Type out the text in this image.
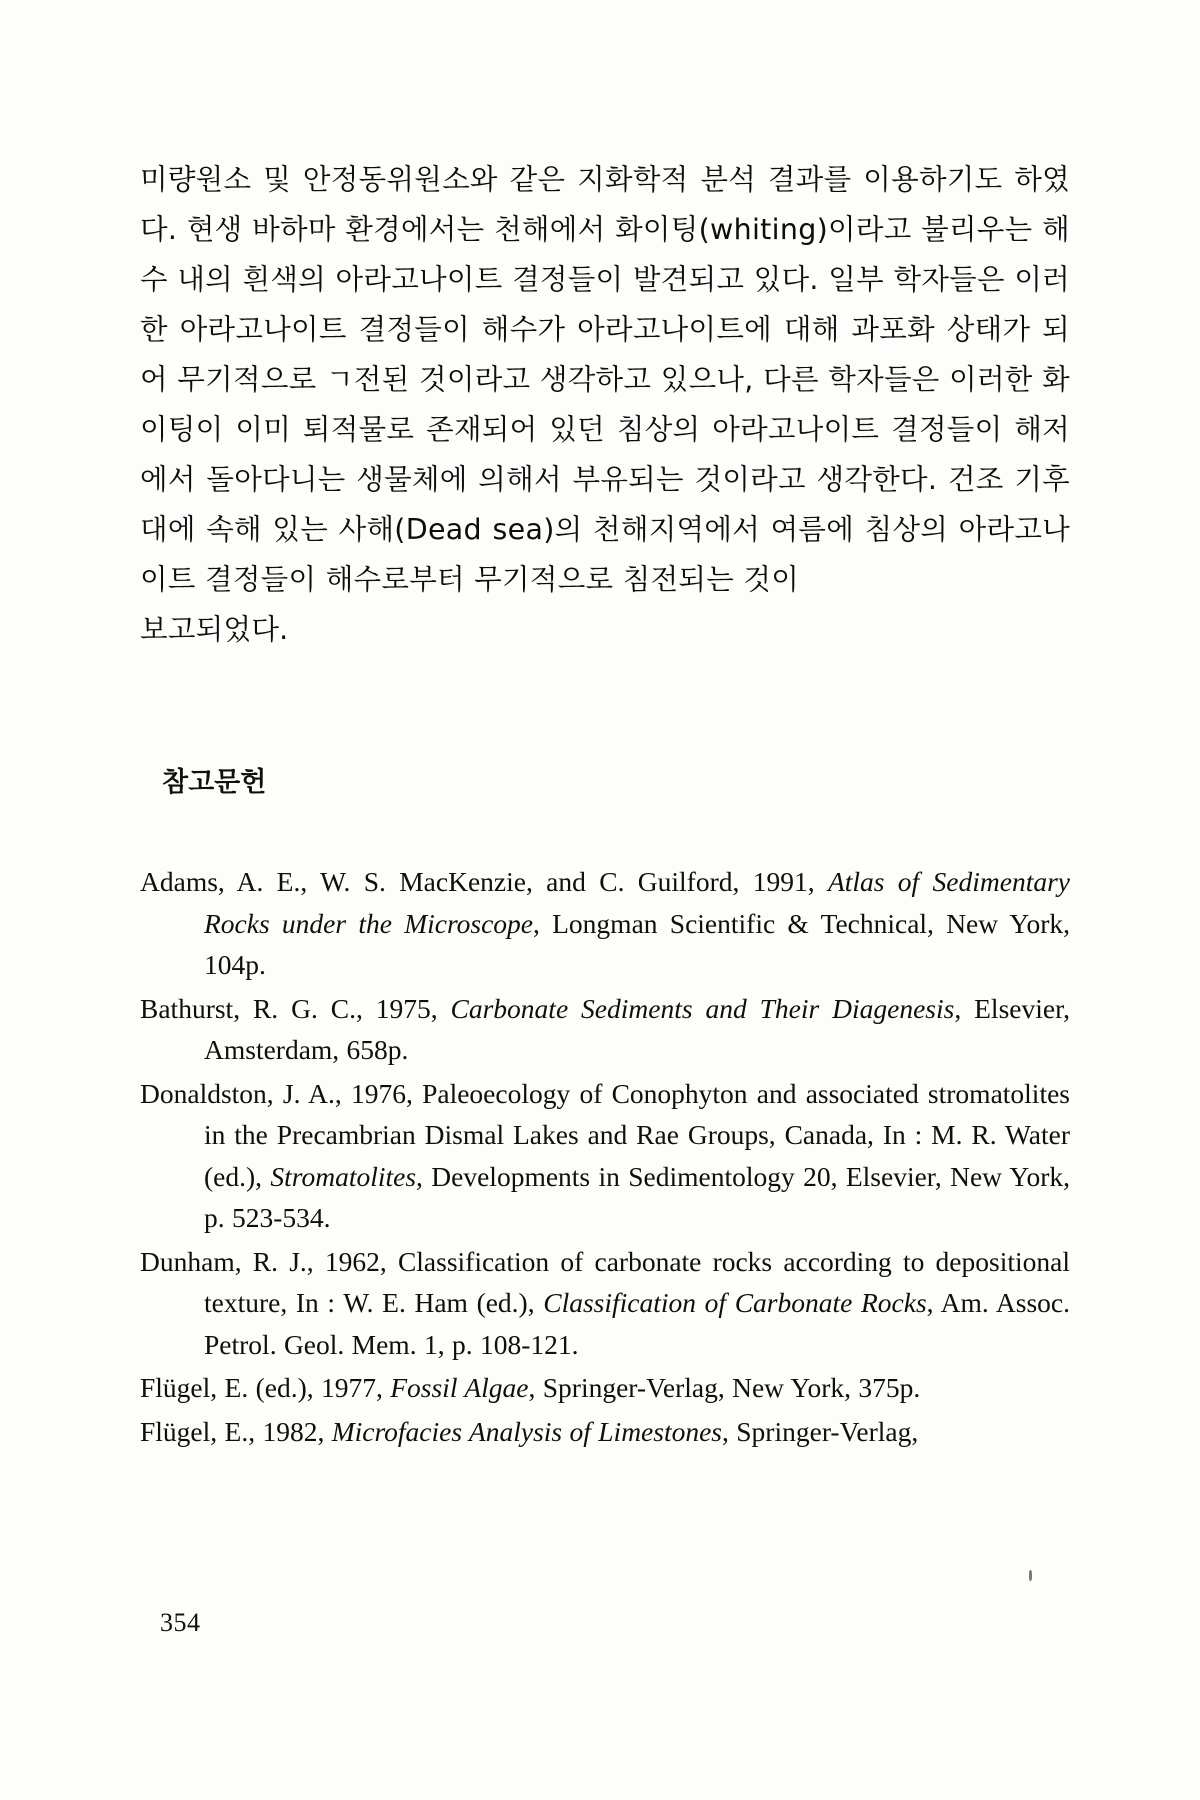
미량원소 및 안정동위원소와 같은 지화학적 분석 결과를 이용하기도 하였다. 현생 바하마 환경에서는 천해에서 화이팅(whiting)이라고 불리우는 해수 내의 흰색의 아라고나이트 결정들이 발견되고 있다. 일부 학자들은 이러한 아라고나이트 결정들이 해수가 아라고나이트에 대해 과포화 상태가 되어 무기적으로 ㄱ전된 것이라고 생각하고 있으나, 다른 학자들은 이러한 화이팅이 이미 퇴적물로 존재되어 있던 침상의 아라고나이트 결정들이 해저에서 돌아다니는 생물체에 의해서 부유되는 것이라고 생각한다. 건조 기후대에 속해 있는 사해(Dead sea)의 천해지역에서 여름에 침상의 아라고나이트 결정들이 해수로부터 무기적으로 침전되는 것이
보고되었다.

참고문헌

Adams, A. E., W. S. MacKenzie, and C. Guilford, 1991, Atlas of Sedimentary Rocks under the Microscope, Longman Scientific & Technical, New York, 104p.

Bathurst, R. G. C., 1975, Carbonate Sediments and Their Diagenesis, Elsevier, Amsterdam, 658p.

Donaldston, J. A., 1976, Paleoecology of Conophyton and associated stromatolites in the Precambrian Dismal Lakes and Rae Groups, Canada, In : M. R. Water (ed.), Stromatolites, Developments in Sedimentology 20, Elsevier, New York, p. 523-534.

Dunham, R. J., 1962, Classification of carbonate rocks according to depositional texture, In : W. E. Ham (ed.), Classification of Carbonate Rocks, Am. Assoc. Petrol. Geol. Mem. 1, p. 108-121.

Flügel, E. (ed.), 1977, Fossil Algae, Springer-Verlag, New York, 375p.

Flügel, E., 1982, Microfacies Analysis of Limestones, Springer-Verlag,

354
